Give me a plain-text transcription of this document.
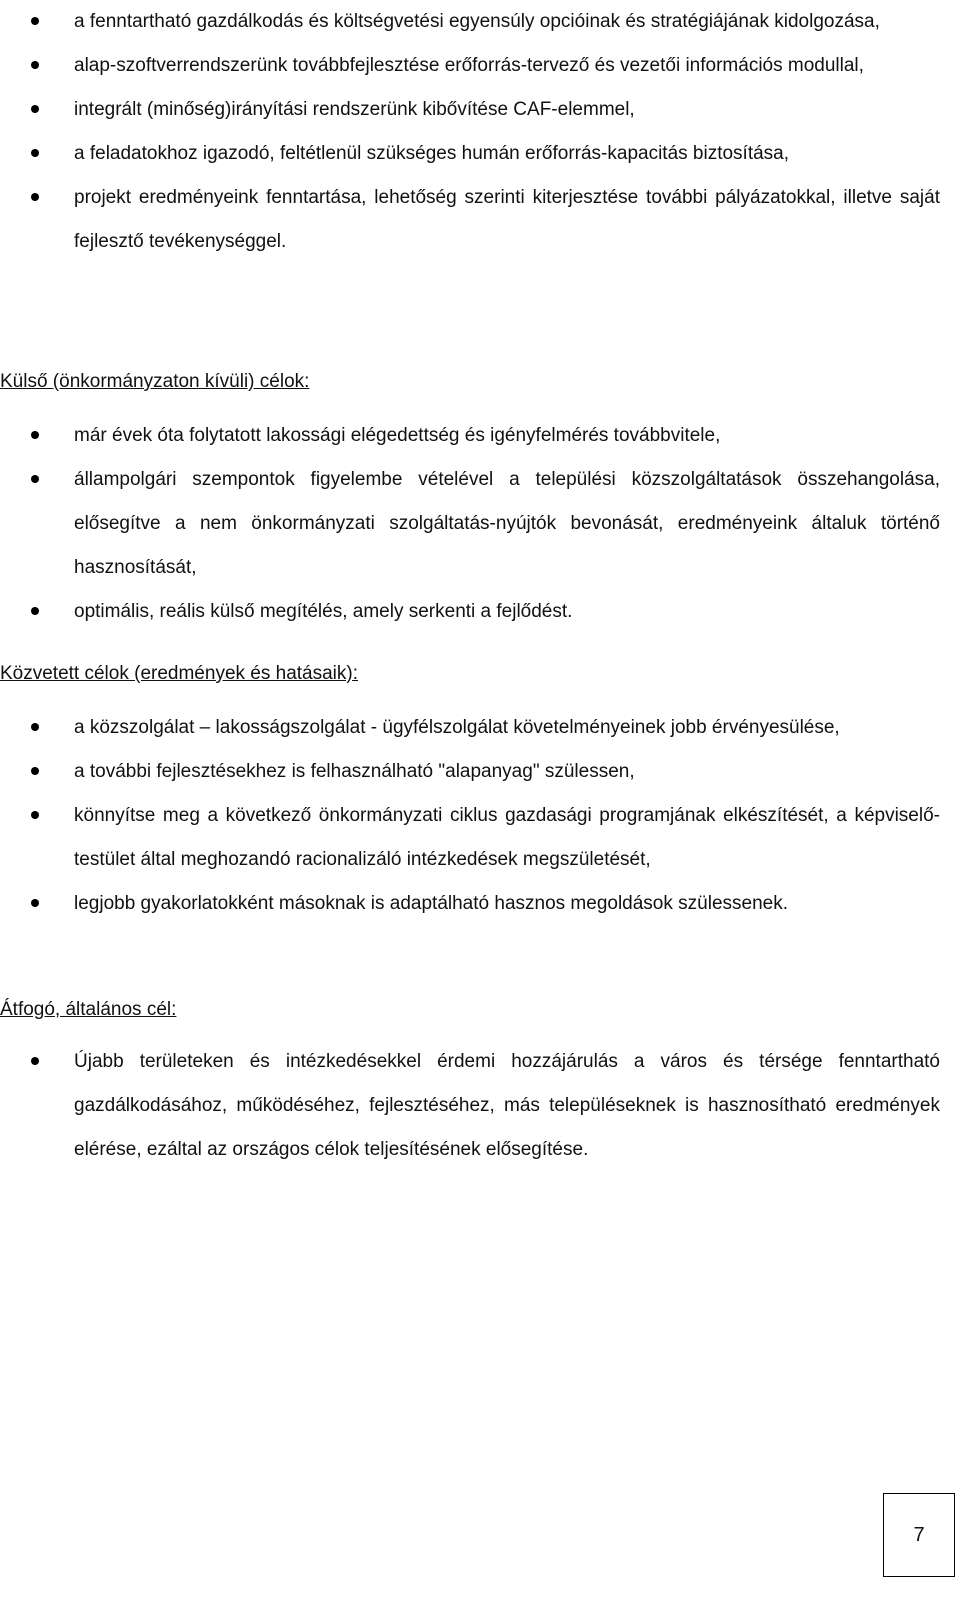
a fenntartható gazdálkodás és költségvetési egyensúly opcióinak és stratégiájának kidolgozása,
alap-szoftverrendszerünk továbbfejlesztése erőforrás-tervező és vezetői információs modullal,
integrált (minőség)irányítási rendszerünk kibővítése CAF-elemmel,
a feladatokhoz igazodó, feltétlenül szükséges humán erőforrás-kapacitás biztosítása,
projekt eredményeink fenntartása, lehetőség szerinti kiterjesztése további pályázatokkal, illetve saját fejlesztő tevékenységgel.
Külső (önkormányzaton kívüli) célok:
már évek óta folytatott lakossági elégedettség és igényfelmérés továbbvitele,
állampolgári szempontok figyelembe vételével a települési közszolgáltatások összehangolása, elősegítve a nem önkormányzati szolgáltatás-nyújtók bevonását, eredményeink általuk történő hasznosítását,
optimális, reális külső megítélés, amely serkenti a fejlődést.
Közvetett célok (eredmények és hatásaik):
a közszolgálat – lakosságszolgálat - ügyfélszolgálat követelményeinek jobb érvényesülése,
a további fejlesztésekhez is felhasználható "alapanyag" szülessen,
könnyítse meg a következő önkormányzati ciklus gazdasági programjának elkészítését, a képviselő-testület által meghozandó racionalizáló intézkedések megszületését,
legjobb gyakorlatokként másoknak is adaptálható hasznos megoldások szülessenek.
Átfogó, általános cél:
Újabb területeken és intézkedésekkel érdemi hozzájárulás a város és térsége fenntartható gazdálkodásához, működéséhez, fejlesztéséhez, más településeknek is hasznosítható eredmények elérése, ezáltal az országos célok teljesítésének elősegítése.
7
